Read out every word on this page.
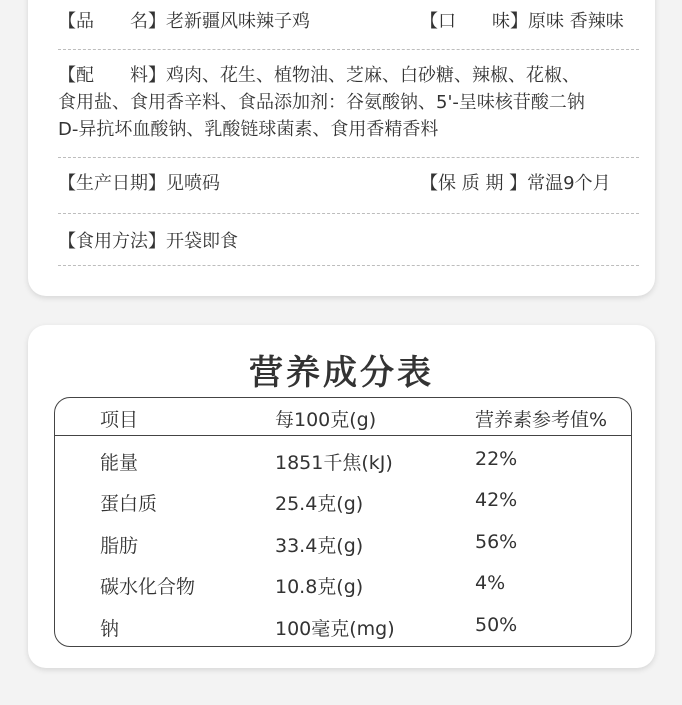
【品　　名】老新疆风味辣子鸡	【口　　味】原味 香辣味
【配　　料】鸡肉、花生、植物油、芝麻、白砂糖、辣椒、花椒、
食用盐、食用香辛料、食品添加剂：谷氨酸钠、5'-呈味核苷酸二钠
D-异抗坏血酸钠、乳酸链球菌素、食用香精香料
【生产日期】见喷码	【保 质 期 】常温9个月
【食用方法】开袋即食
营养成分表
项目	每100克(g)	营养素参考值%
能量	1851千焦(kJ)	22%
蛋白质	25.4克(g)	42%
脂肪	33.4克(g)	56%
碳水化合物	10.8克(g)	4%
钠	100毫克(mg)	50%
